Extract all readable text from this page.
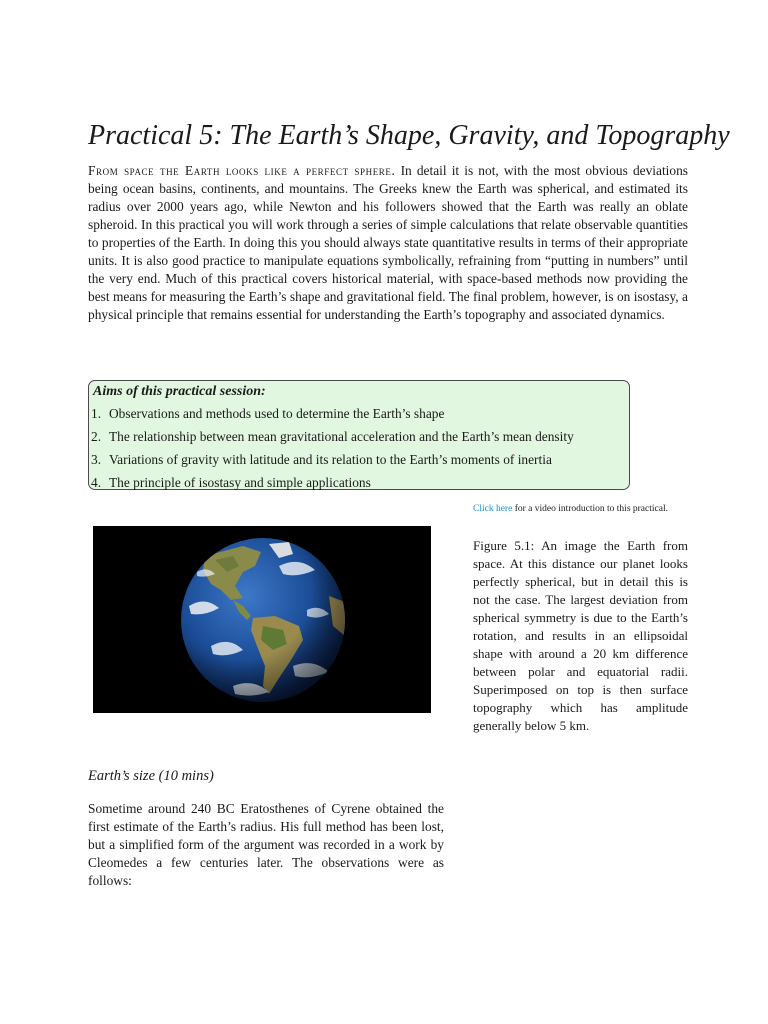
Practical 5: The Earth’s Shape, Gravity, and Topography

From space the Earth looks like a perfect sphere. In detail it is not, with the most obvious deviations being ocean basins, continents, and mountains. The Greeks knew the Earth was spherical, and estimated its radius over 2000 years ago, while Newton and his followers showed that the Earth was really an oblate spheroid. In this practical you will work through a series of simple calculations that relate observable quantities to properties of the Earth. In doing this you should always state quantitative results in terms of their appropriate units. It is also good practice to manipulate equations symbolically, refraining from “putting in numbers” until the very end. Much of this practical covers historical material, with space-based methods now providing the best means for measuring the Earth’s shape and gravitational field. The final problem, however, is on isostasy, a physical principle that remains essential for understanding the Earth’s topography and associated dynamics.

Aims of this practical session:
1. Observations and methods used to determine the Earth’s shape
2. The relationship between mean gravitational acceleration and the Earth’s mean density
3. Variations of gravity with latitude and its relation to the Earth’s moments of inertia
4. The principle of isostasy and simple applications
Click here for a video introduction to this practical.

Figure 5.1: An image the Earth from space. At this distance our planet looks perfectly spherical, but in detail this is not the case. The largest deviation from spherical symmetry is due to the Earth’s rotation, and results in an ellipsoidal shape with around a 20 km difference between polar and equatorial radii. Superimposed on top is then surface topography which has amplitude generally below 5 km.

Earth’s size (10 mins)

Sometime around 240 BC Eratosthenes of Cyrene obtained the first estimate of the Earth’s radius. His full method has been lost, but a simplified form of the argument was recorded in a work by Cleomedes a few centuries later. The observations were as follows:
